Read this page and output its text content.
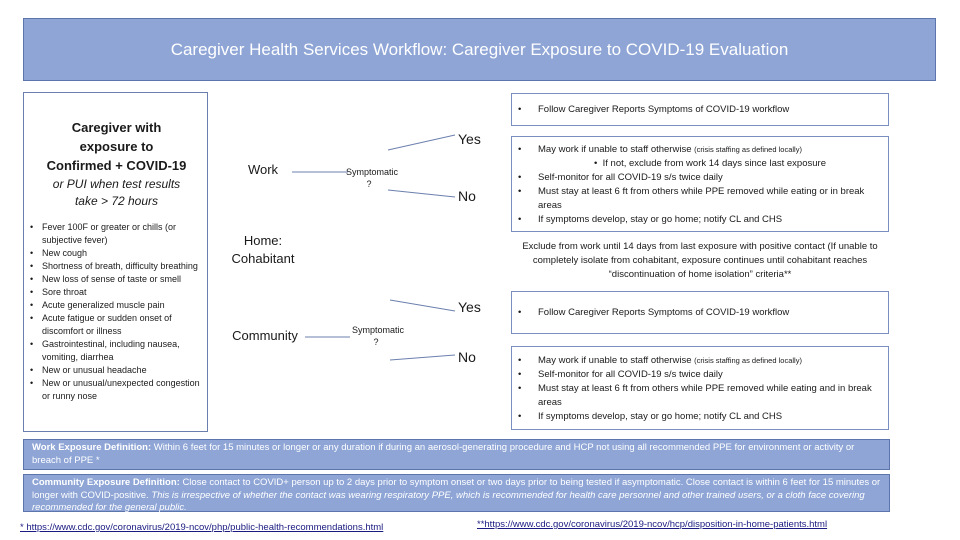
Caregiver Health Services Workflow: Caregiver Exposure to COVID-19 Evaluation
Caregiver with
exposure to
Confirmed + COVID-19
or PUI when test results
take > 72 hours
• Fever 100F or greater or chills (or subjective fever)
• New cough
• Shortness of breath, difficulty breathing
• New loss of sense of taste or smell
• Sore throat
• Acute generalized muscle pain
• Acute fatigue or sudden onset of discomfort or illness
• Gastrointestinal, including nausea, vomiting, diarrhea
• New or unusual headache
• New or unusual/unexpected congestion or runny nose
Work
Home: Cohabitant
Community
Symptomatic ?
Symptomatic ?
Yes
No
Yes
No
• Follow Caregiver Reports Symptoms of COVID-19 workflow
• May work if unable to staff otherwise (crisis staffing as defined locally)
•  If not, exclude from work 14 days since last exposure
• Self-monitor for all COVID-19 s/s twice daily
• Must stay at least 6 ft from others while PPE removed while eating or in break areas
• If symptoms develop, stay or go home; notify CL and CHS
Exclude from work until 14 days from last exposure with positive contact (If unable to completely isolate from cohabitant, exposure continues until cohabitant reaches “discontinuation of home isolation” criteria**
• Follow Caregiver Reports Symptoms of COVID-19 workflow
• May work if unable to staff otherwise (crisis staffing as defined locally)
• Self-monitor for all COVID-19 s/s twice daily
• Must stay at least 6 ft from others while PPE removed while eating and in break areas
• If symptoms develop, stay or go home; notify CL and CHS
Work Exposure Definition: Within 6 feet for 15 minutes or longer or any duration if during an aerosol-generating procedure and HCP not using all recommended PPE for environment or activity or breach of PPE *
Community Exposure Definition: Close contact to COVID+ person up to 2 days prior to symptom onset or two days prior to being tested if asymptomatic. Close contact is within 6 feet for 15 minutes or longer with COVID-positive. This is irrespective of whether the contact was wearing respiratory PPE, which is recommended for health care personnel and other trained users, or a cloth face covering recommended for the general public.
* https://www.cdc.gov/coronavirus/2019-ncov/php/public-health-recommendations.html	**https://www.cdc.gov/coronavirus/2019-ncov/hcp/disposition-in-home-patients.html
